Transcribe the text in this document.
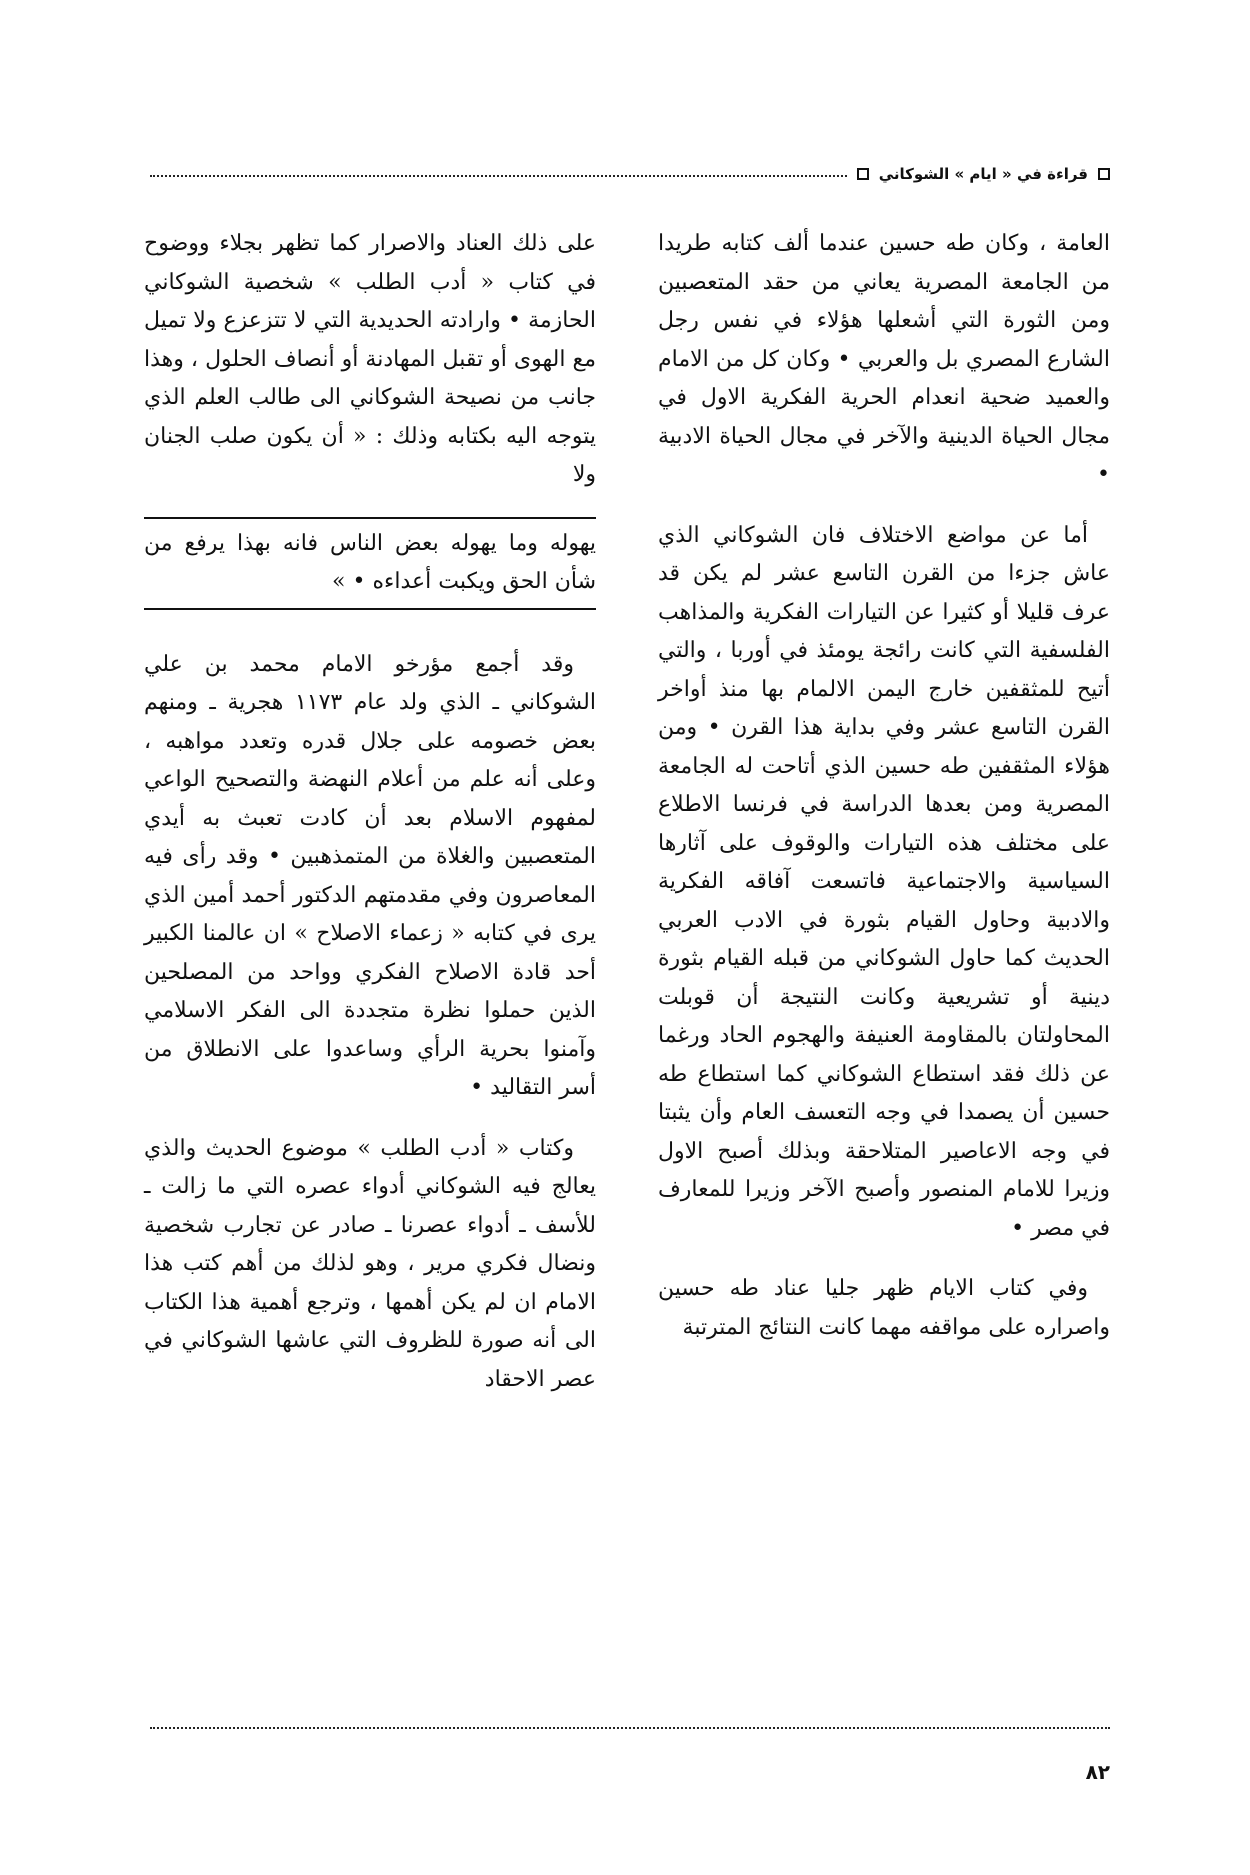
قراءة في « ايام » الشوكاني

العامة ، وكان طه حسين عندما ألف كتابه طريدا من الجامعة المصرية يعاني من حقد المتعصبين ومن الثورة التي أشعلها هؤلاء في نفس رجل الشارع المصري بل والعربي • وكان كل من الامام والعميد ضحية انعدام الحرية الفكرية الاول في مجال الحياة الدينية والآخر في مجال الحياة الادبية •

أما عن مواضع الاختلاف فان الشوكاني الذي عاش جزءا من القرن التاسع عشر لم يكن قد عرف قليلا أو كثيرا عن التيارات الفكرية والمذاهب الفلسفية التي كانت رائجة يومئذ في أوربا ، والتي أتيح للمثقفين خارج اليمن الالمام بها منذ أواخر القرن التاسع عشر وفي بداية هذا القرن • ومن هؤلاء المثقفين طه حسين الذي أتاحت له الجامعة المصرية ومن بعدها الدراسة في فرنسا الاطلاع على مختلف هذه التيارات والوقوف على آثارها السياسية والاجتماعية فاتسعت آفاقه الفكرية والادبية وحاول القيام بثورة في الادب العربي الحديث كما حاول الشوكاني من قبله القيام بثورة دينية أو تشريعية وكانت النتيجة أن قوبلت المحاولتان بالمقاومة العنيفة والهجوم الحاد ورغما عن ذلك فقد استطاع الشوكاني كما استطاع طه حسين أن يصمدا في وجه التعسف العام وأن يثبتا في وجه الاعاصير المتلاحقة وبذلك أصبح الاول وزيرا للامام المنصور وأصبح الآخر وزيرا للمعارف في مصر •

وفي كتاب الايام ظهر جليا عناد طه حسين واصراره على مواقفه مهما كانت النتائج المترتبة

على ذلك العناد والاصرار كما تظهر بجلاء ووضوح في كتاب « أدب الطلب » شخصية الشوكاني الحازمة • وارادته الحديدية التي لا تتزعزع ولا تميل مع الهوى أو تقبل المهادنة أو أنصاف الحلول ، وهذا جانب من نصيحة الشوكاني الى طالب العلم الذي يتوجه اليه بكتابه وذلك : « أن يكون صلب الجنان ولا

يهوله وما يهوله بعض الناس فانه بهذا يرفع من شأن الحق ويكبت أعداءه • »

وقد أجمع مؤرخو الامام محمد بن علي الشوكاني ـ الذي ولد عام ١١٧٣ هجرية ـ ومنهم بعض خصومه على جلال قدره وتعدد مواهبه ، وعلى أنه علم من أعلام النهضة والتصحيح الواعي لمفهوم الاسلام بعد أن كادت تعبث به أيدي المتعصبين والغلاة من المتمذهبين • وقد رأى فيه المعاصرون وفي مقدمتهم الدكتور أحمد أمين الذي يرى في كتابه « زعماء الاصلاح » ان عالمنا الكبير أحد قادة الاصلاح الفكري وواحد من المصلحين الذين حملوا نظرة متجددة الى الفكر الاسلامي وآمنوا بحرية الرأي وساعدوا على الانطلاق من أسر التقاليد •

وكتاب « أدب الطلب » موضوع الحديث والذي يعالج فيه الشوكاني أدواء عصره التي ما زالت ـ للأسف ـ أدواء عصرنا ـ صادر عن تجارب شخصية ونضال فكري مرير ، وهو لذلك من أهم كتب هذا الامام ان لم يكن أهمها ، وترجع أهمية هذا الكتاب الى أنه صورة للظروف التي عاشها الشوكاني في عصر الاحقاد

٨٢
